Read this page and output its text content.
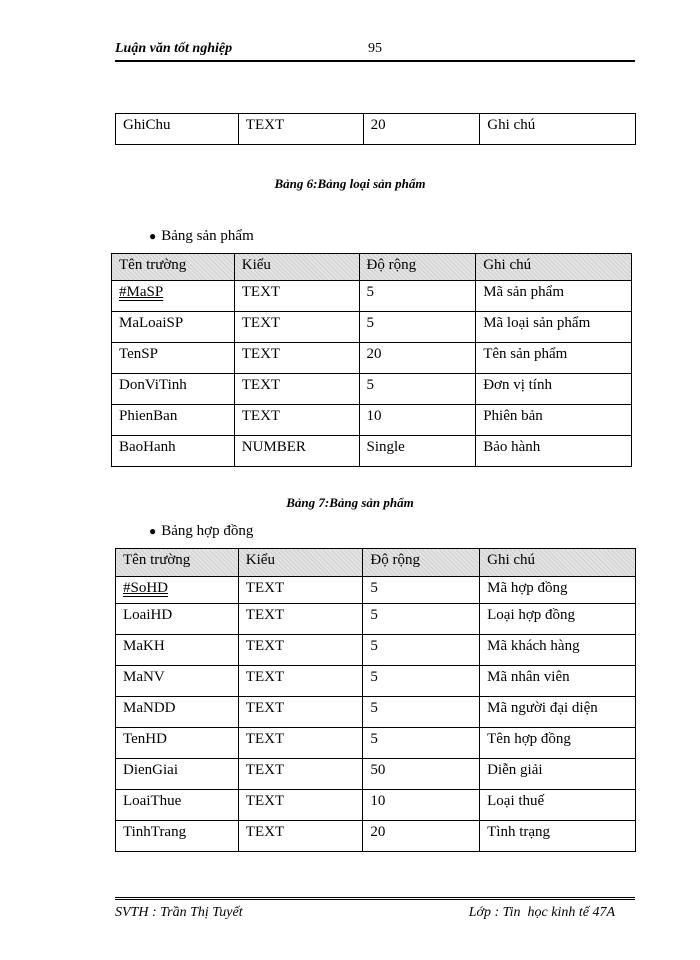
Luận văn tốt nghiệp	95
GhiChu	TEXT	20	Ghi chú
Bảng 6:Bảng loại sản phẩm
● Bảng sản phẩm
Tên trường	Kiểu	Độ rộng	Ghi chú
#MaSP	TEXT	5	Mã sản phẩm
MaLoaiSP	TEXT	5	Mã loại sản phẩm
TenSP	TEXT	20	Tên sản phẩm
DonViTinh	TEXT	5	Đơn vị tính
PhienBan	TEXT	10	Phiên bản
BaoHanh	NUMBER	Single	Bảo hành
Bảng 7:Bảng sản phẩm
● Bảng hợp đồng
Tên trường	Kiểu	Độ rộng	Ghi chú
#SoHD	TEXT	5	Mã hợp đồng
LoaiHD	TEXT	5	Loại hợp đồng
MaKH	TEXT	5	Mã khách hàng
MaNV	TEXT	5	Mã nhân viên
MaNDD	TEXT	5	Mã người đại diện
TenHD	TEXT	5	Tên hợp đồng
DienGiai	TEXT	50	Diễn giải
LoaiThue	TEXT	10	Loại thuế
TinhTrang	TEXT	20	Tình trạng
SVTH : Trần Thị Tuyết	Lớp : Tin  học kinh tế 47A
